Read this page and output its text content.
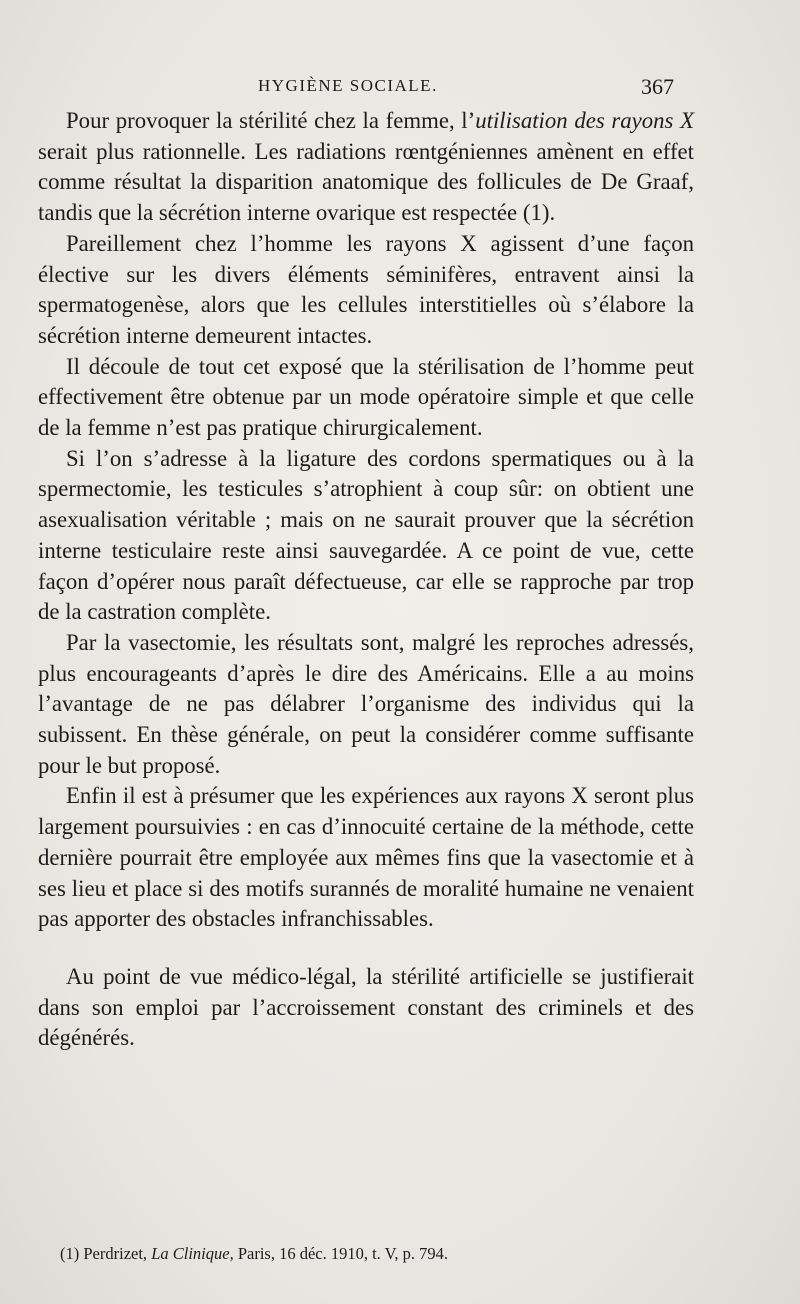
HYGIÈNE SOCIALE.	367

Pour provoquer la stérilité chez la femme, l’utilisation des rayons X serait plus rationnelle. Les radiations rœntgéniennes amènent en effet comme résultat la disparition anatomique des follicules de De Graaf, tandis que la sécrétion interne ovarique est respectée (1).

Pareillement chez l’homme les rayons X agissent d’une façon élective sur les divers éléments séminifères, entravent ainsi la spermatogenèse, alors que les cellules interstitielles où s’élabore la sécrétion interne demeurent intactes.

Il découle de tout cet exposé que la stérilisation de l’homme peut effectivement être obtenue par un mode opératoire simple et que celle de la femme n’est pas pratique chirurgicalement.

Si l’on s’adresse à la ligature des cordons spermatiques ou à la spermectomie, les testicules s’atrophient à coup sûr: on obtient une asexualisation véritable ; mais on ne saurait prouver que la sécrétion interne testiculaire reste ainsi sauvegardée. A ce point de vue, cette façon d’opérer nous paraît défectueuse, car elle se rapproche par trop de la castration complète.

Par la vasectomie, les résultats sont, malgré les reproches adressés, plus encourageants d’après le dire des Américains. Elle a au moins l’avantage de ne pas délabrer l’organisme des individus qui la subissent. En thèse générale, on peut la considérer comme suffisante pour le but proposé.

Enfin il est à présumer que les expériences aux rayons X seront plus largement poursuivies : en cas d’innocuité certaine de la méthode, cette dernière pourrait être employée aux mêmes fins que la vasectomie et à ses lieu et place si des motifs surannés de moralité humaine ne venaient pas apporter des obstacles infranchissables.

Au point de vue médico-légal, la stérilité artificielle se justifierait dans son emploi par l’accroissement constant des criminels et des dégénérés.

(1) Perdrizet, La Clinique, Paris, 16 déc. 1910, t. V, p. 794.
